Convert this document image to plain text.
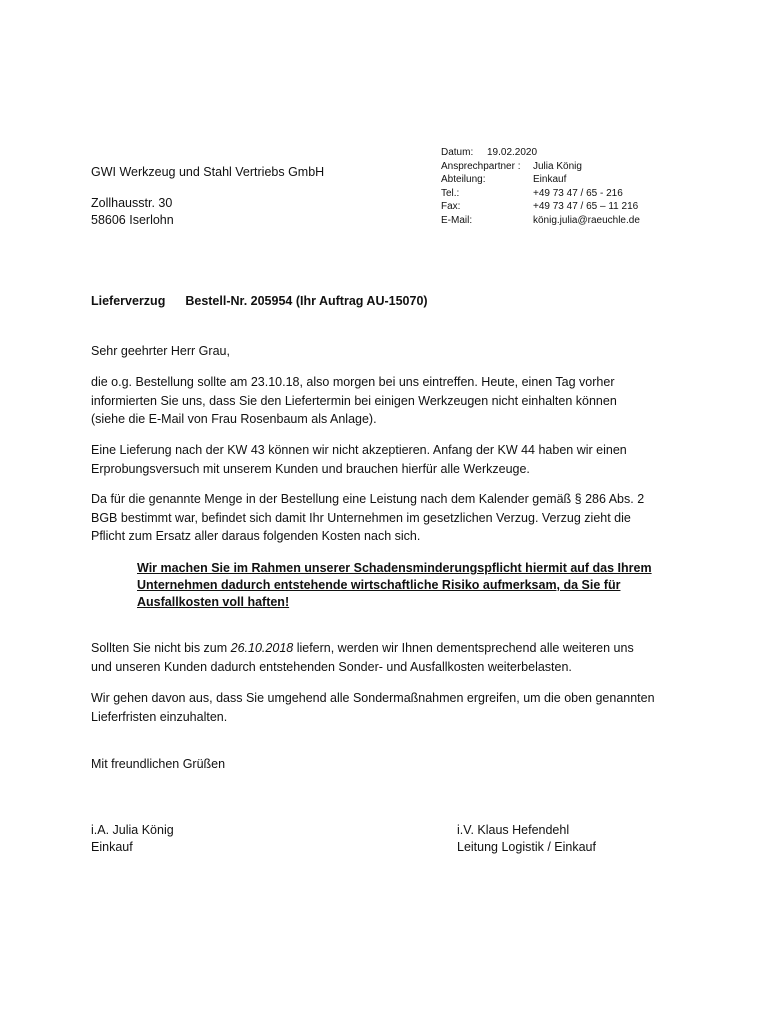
Datum: 19.02.2020
Ansprechpartner : Julia König
Abteilung:	Einkauf
Tel.:	+49 73 47 / 65 - 216
Fax:	+49 73 47 / 65 – 11 216
E-Mail:	könig.julia@raeuchle.de
GWI Werkzeug und Stahl Vertriebs GmbH
Zollhausstr. 30
58606 Iserlohn
Lieferverzug Bestell-Nr. 205954 (Ihr Auftrag AU-15070)
Sehr geehrter Herr Grau,
die o.g. Bestellung sollte am 23.10.18, also morgen bei uns eintreffen. Heute, einen Tag vorher
informierten Sie uns, dass Sie den Liefertermin bei einigen Werkzeugen nicht einhalten können
(siehe die E-Mail von Frau Rosenbaum als Anlage).
Eine Lieferung nach der KW 43 können wir nicht akzeptieren. Anfang der KW 44 haben wir einen
Erprobungsversuch mit unserem Kunden und brauchen hierfür alle Werkzeuge.
Da für die genannte Menge in der Bestellung eine Leistung nach dem Kalender gemäß § 286 Abs. 2
BGB bestimmt war, befindet sich damit Ihr Unternehmen im gesetzlichen Verzug. Verzug zieht die
Pflicht zum Ersatz aller daraus folgenden Kosten nach sich.
Wir machen Sie im Rahmen unserer Schadensminderungspflicht hiermit auf das Ihrem
Unternehmen dadurch entstehende wirtschaftliche Risiko aufmerksam, da Sie für
Ausfallkosten voll haften!
Sollten Sie nicht bis zum 26.10.2018 liefern, werden wir Ihnen dementsprechend alle weiteren uns
und unseren Kunden dadurch entstehenden Sonder- und Ausfallkosten weiterbelasten.
Wir gehen davon aus, dass Sie umgehend alle Sondermaßnahmen ergreifen, um die oben genannten
Lieferfristen einzuhalten.
Mit freundlichen Grüßen
i.A. Julia König
Einkauf
i.V. Klaus Hefendehl
Leitung Logistik / Einkauf
